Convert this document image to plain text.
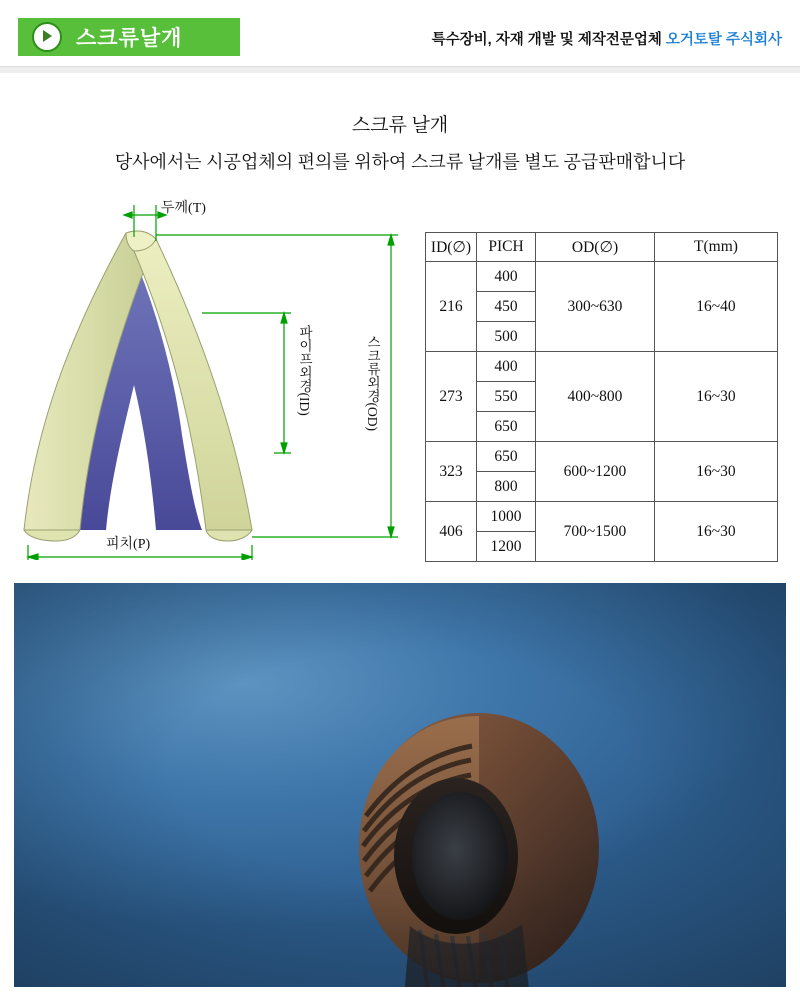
스크류날개	특수장비, 자재 개발 및 제작전문업체 오거토탈 주식회사
스크류 날개
당사에서는 시공업체의 편의를 위하여 스크류 날개를 별도 공급판매합니다
두께(T)
피치(P)
파이프외경(ID)	스크류외경(OD)
ID(∅)	PICH	OD(∅)	T(mm)
216	400	300~630	16~40
	450		
	500		
273	400	400~800	16~30
	550		
	650		
323	650	600~1200	16~30
	800		
406	1000	700~1500	16~30
	1200		
